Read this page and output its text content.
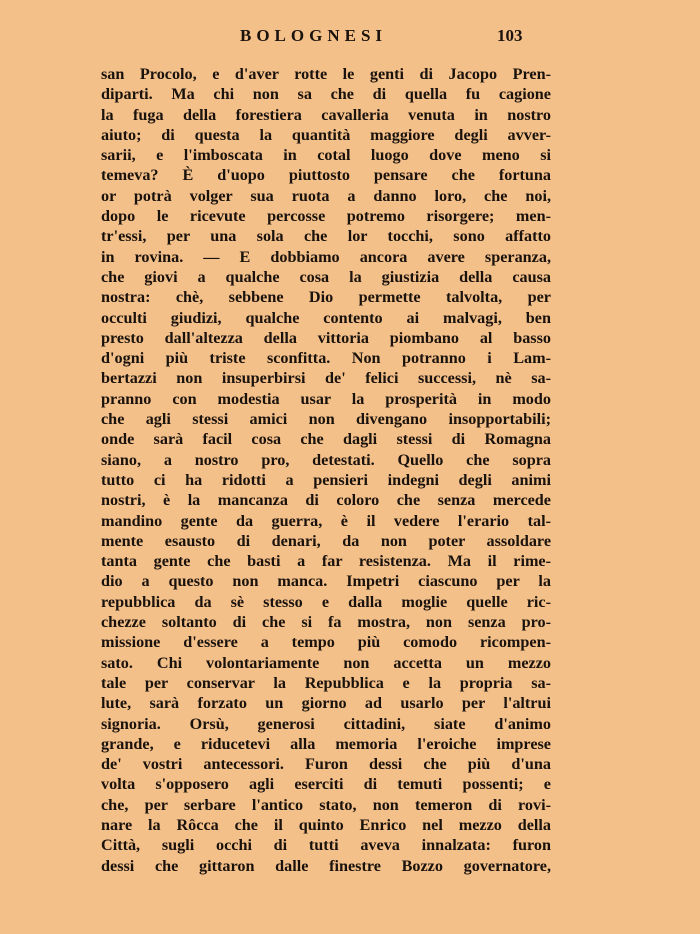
BOLOGNESI	103
san Procolo, e d'aver rotte le genti di Jacopo Pren-
diparti. Ma chi non sa che di quella fu cagione
la fuga della forestiera cavalleria venuta in nostro
aiuto; di questa la quantità maggiore degli avver-
sarii, e l'imboscata in cotal luogo dove meno si
temeva? È d'uopo piuttosto pensare che fortuna
or potrà volger sua ruota a danno loro, che noi,
dopo le ricevute percosse potremo risorgere; men-
tr'essi, per una sola che lor tocchi, sono affatto
in rovina. — E dobbiamo ancora avere speranza,
che giovi a qualche cosa la giustizia della causa
nostra: chè, sebbene Dio permette talvolta, per
occulti giudizi, qualche contento ai malvagi, ben
presto dall'altezza della vittoria piombano al basso
d'ogni più triste sconfitta. Non potranno i Lam-
bertazzi non insuperbirsi de' felici successi, nè sa-
pranno con modestia usar la prosperità in modo
che agli stessi amici non divengano insopportabili;
onde sarà facil cosa che dagli stessi di Romagna
siano, a nostro pro, detestati. Quello che sopra
tutto ci ha ridotti a pensieri indegni degli animi
nostri, è la mancanza di coloro che senza mercede
mandino gente da guerra, è il vedere l'erario tal-
mente esausto di denari, da non poter assoldare
tanta gente che basti a far resistenza. Ma il rime-
dio a questo non manca. Impetri ciascuno per la
repubblica da sè stesso e dalla moglie quelle ric-
chezze soltanto di che si fa mostra, non senza pro-
missione d'essere a tempo più comodo ricompen-
sato. Chi volontariamente non accetta un mezzo
tale per conservar la Repubblica e la propria sa-
lute, sarà forzato un giorno ad usarlo per l'altrui
signoria. Orsù, generosi cittadini, siate d'animo
grande, e riducetevi alla memoria l'eroiche imprese
de' vostri antecessori. Furon dessi che più d'una
volta s'opposero agli eserciti di temuti possenti; e
che, per serbare l'antico stato, non temeron di rovi-
nare la Rôcca che il quinto Enrico nel mezzo della
Città, sugli occhi di tutti aveva innalzata: furon
dessi che gittaron dalle finestre Bozzo governatore,
